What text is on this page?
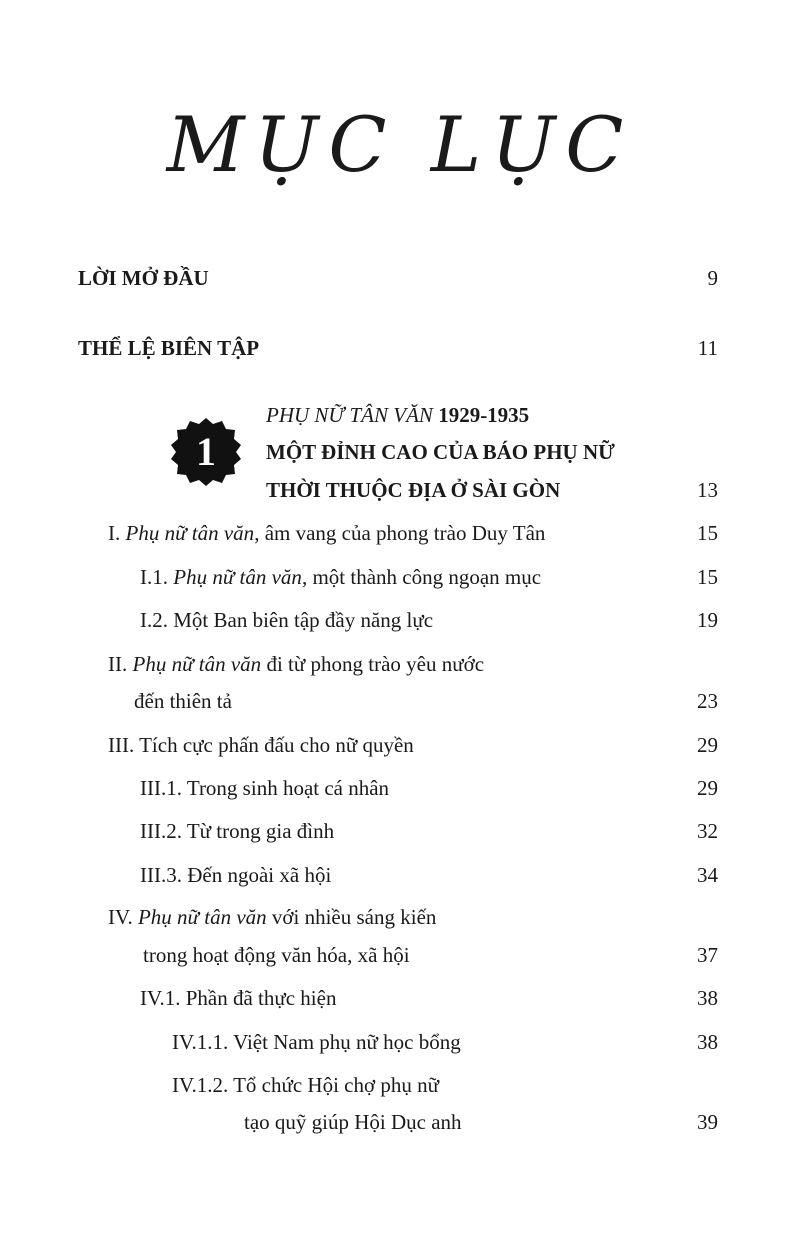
MỤC LỤC
LỜI MỞ ĐẦU	9
THỂ LỆ BIÊN TẬP	11
1
PHỤ NỮ TÂN VĂN 1929-1935
MỘT ĐỈNH CAO CỦA BÁO PHỤ NỮ
THỜI THUỘC ĐỊA Ở SÀI GÒN	13
I. Phụ nữ tân văn, âm vang của phong trào Duy Tân	15
I.1. Phụ nữ tân văn, một thành công ngoạn mục	15
I.2. Một Ban biên tập đầy năng lực	19
II. Phụ nữ tân văn đi từ phong trào yêu nước
đến thiên tả	23
III. Tích cực phấn đấu cho nữ quyền	29
III.1. Trong sinh hoạt cá nhân	29
III.2. Từ trong gia đình	32
III.3. Đến ngoài xã hội	34
IV. Phụ nữ tân văn với nhiều sáng kiến
trong hoạt động văn hóa, xã hội	37
IV.1. Phần đã thực hiện	38
IV.1.1. Việt Nam phụ nữ học bổng	38
IV.1.2. Tổ chức Hội chợ phụ nữ
tạo quỹ giúp Hội Dục anh	39
